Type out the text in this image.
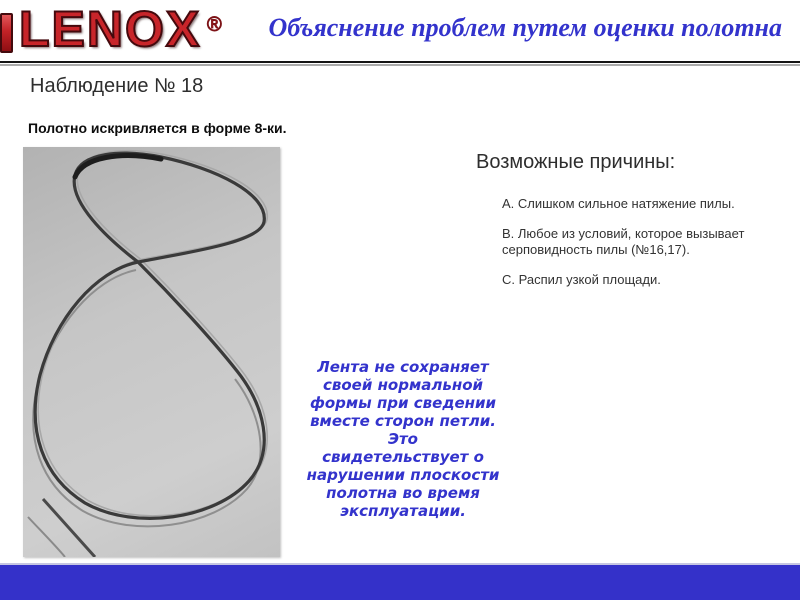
LENOX ® Объяснение проблем путем оценки полотна
Наблюдение № 18
Полотно искривляется в форме 8-ки.
Возможные причины:
A. Слишком сильное натяжение пилы.
B. Любое из условий, которое вызывает серповидность пилы (№16,17).
C. Распил узкой площади.
Лента не сохраняет
своей нормальной
формы при сведении
вместе сторон петли.
Это
свидетельствует о
нарушении плоскости
полотна во время
эксплуатации.
